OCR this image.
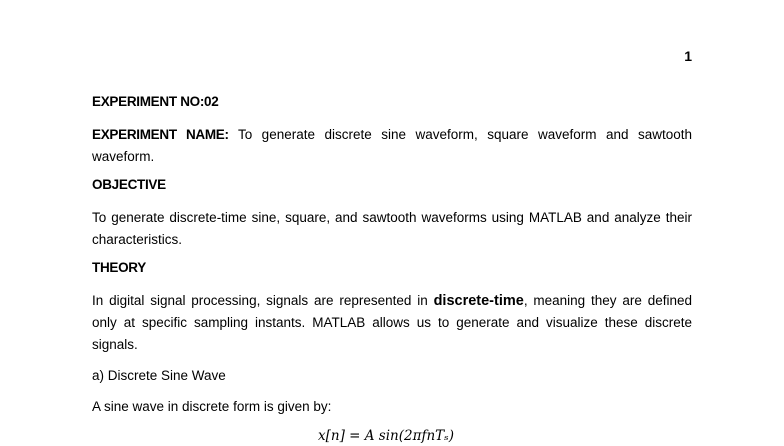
1

EXPERIMENT NO:02

EXPERIMENT NAME: To generate discrete sine waveform, square waveform and sawtooth waveform.

OBJECTIVE

To generate discrete-time sine, square, and sawtooth waveforms using MATLAB and analyze their characteristics.

THEORY

In digital signal processing, signals are represented in discrete-time, meaning they are defined only at specific sampling instants. MATLAB allows us to generate and visualize these discrete signals.

a) Discrete Sine Wave

A sine wave in discrete form is given by:

x[n] = A sin(2πfnTₛ)
